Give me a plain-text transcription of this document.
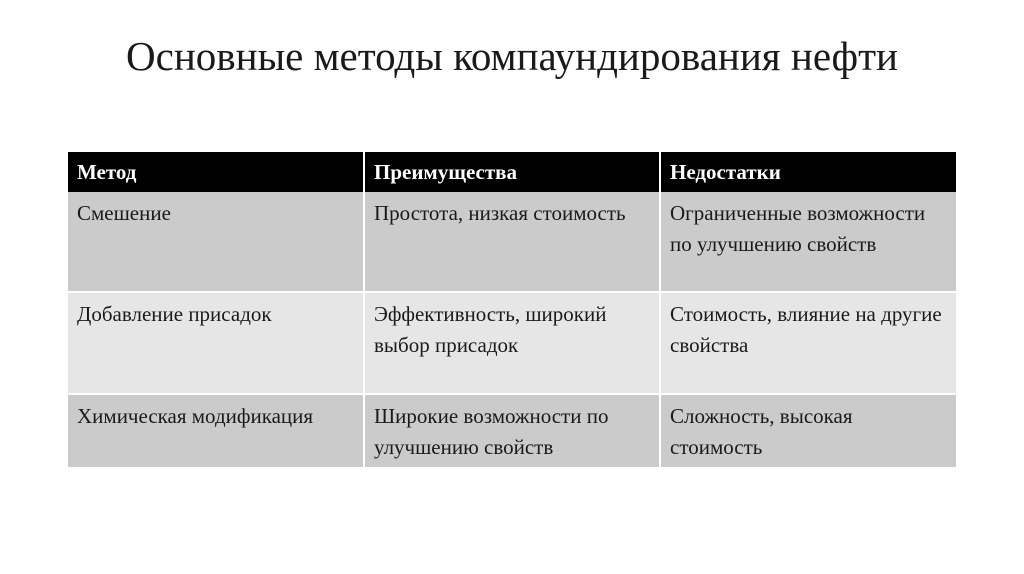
Основные методы компаундирования нефти
Метод	Преимущества	Недостатки
Смешение	Простота, низкая стоимость	Ограниченные возможности по улучшению свойств
Добавление присадок	Эффективность, широкий выбор присадок	Стоимость, влияние на другие свойства
Химическая модификация	Широкие возможности по улучшению свойств	Сложность, высокая стоимость
